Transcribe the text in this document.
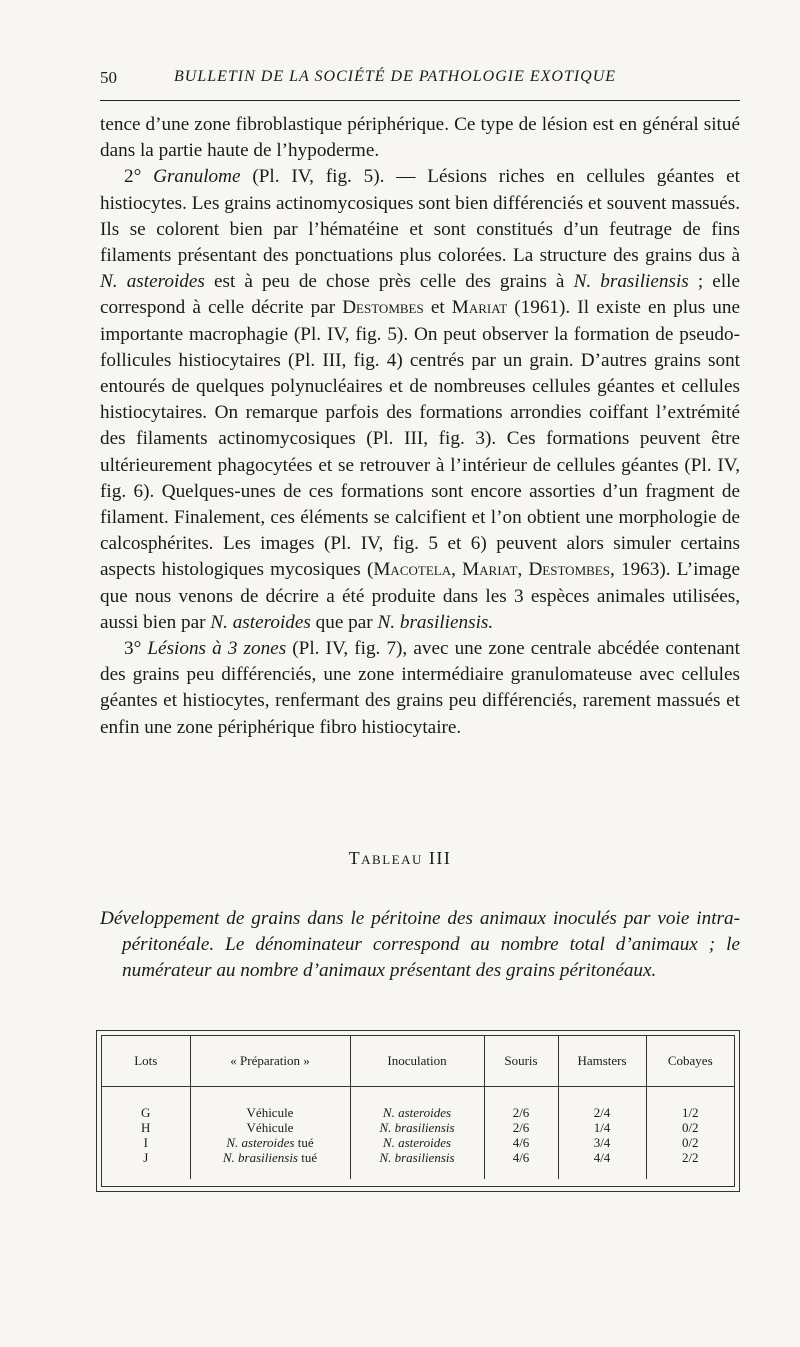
50	BULLETIN DE LA SOCIÉTÉ DE PATHOLOGIE EXOTIQUE

tence d’une zone fibroblastique périphérique. Ce type de lésion est en général situé dans la partie haute de l’hypoderme.

2° Granulome (Pl. IV, fig. 5). — Lésions riches en cellules géantes et histiocytes. Les grains actinomycosiques sont bien différenciés et souvent massués. Ils se colorent bien par l’hématéine et sont constitués d’un feutrage de fins filaments présentant des ponctuations plus colorées. La structure des grains dus à N. asteroides est à peu de chose près celle des grains à N. brasiliensis ; elle correspond à celle décrite par Destombes et Mariat (1961). Il existe en plus une importante macrophagie (Pl. IV, fig. 5). On peut observer la formation de pseudo-follicules histiocytaires (Pl. III, fig. 4) centrés par un grain. D’autres grains sont entourés de quelques polynucléaires et de nombreuses cellules géantes et cellules histiocytaires. On remarque parfois des formations arrondies coiffant l’extrémité des filaments actinomycosiques (Pl. III, fig. 3). Ces formations peuvent être ultérieurement phagocytées et se retrouver à l’intérieur de cellules géantes (Pl. IV, fig. 6). Quelques-unes de ces formations sont encore assorties d’un fragment de filament. Finalement, ces éléments se calcifient et l’on obtient une morphologie de calcosphérites. Les images (Pl. IV, fig. 5 et 6) peuvent alors simuler certains aspects histologiques mycosiques (Macotela, Mariat, Destombes, 1963). L’image que nous venons de décrire a été produite dans les 3 espèces animales utilisées, aussi bien par N. asteroides que par N. brasiliensis.

3° Lésions à 3 zones (Pl. IV, fig. 7), avec une zone centrale abcédée contenant des grains peu différenciés, une zone intermédiaire granulomateuse avec cellules géantes et histiocytes, renfermant des grains peu différenciés, rarement massués et enfin une zone périphérique fibro histiocytaire.

Tableau III

Développement de grains dans le péritoine des animaux inoculés par voie intra-péritonéale. Le dénominateur correspond au nombre total d’animaux ; le numérateur au nombre d’animaux présentant des grains péritonéaux.

Lots	« Préparation »	Inoculation	Souris	Hamsters	Cobayes
G	Véhicule	N. asteroides	2/6	2/4	1/2
H	Véhicule	N. brasiliensis	2/6	1/4	0/2
I	N. asteroides tué	N. asteroides	4/6	3/4	0/2
J	N. brasiliensis tué	N. brasiliensis	4/6	4/4	2/2
